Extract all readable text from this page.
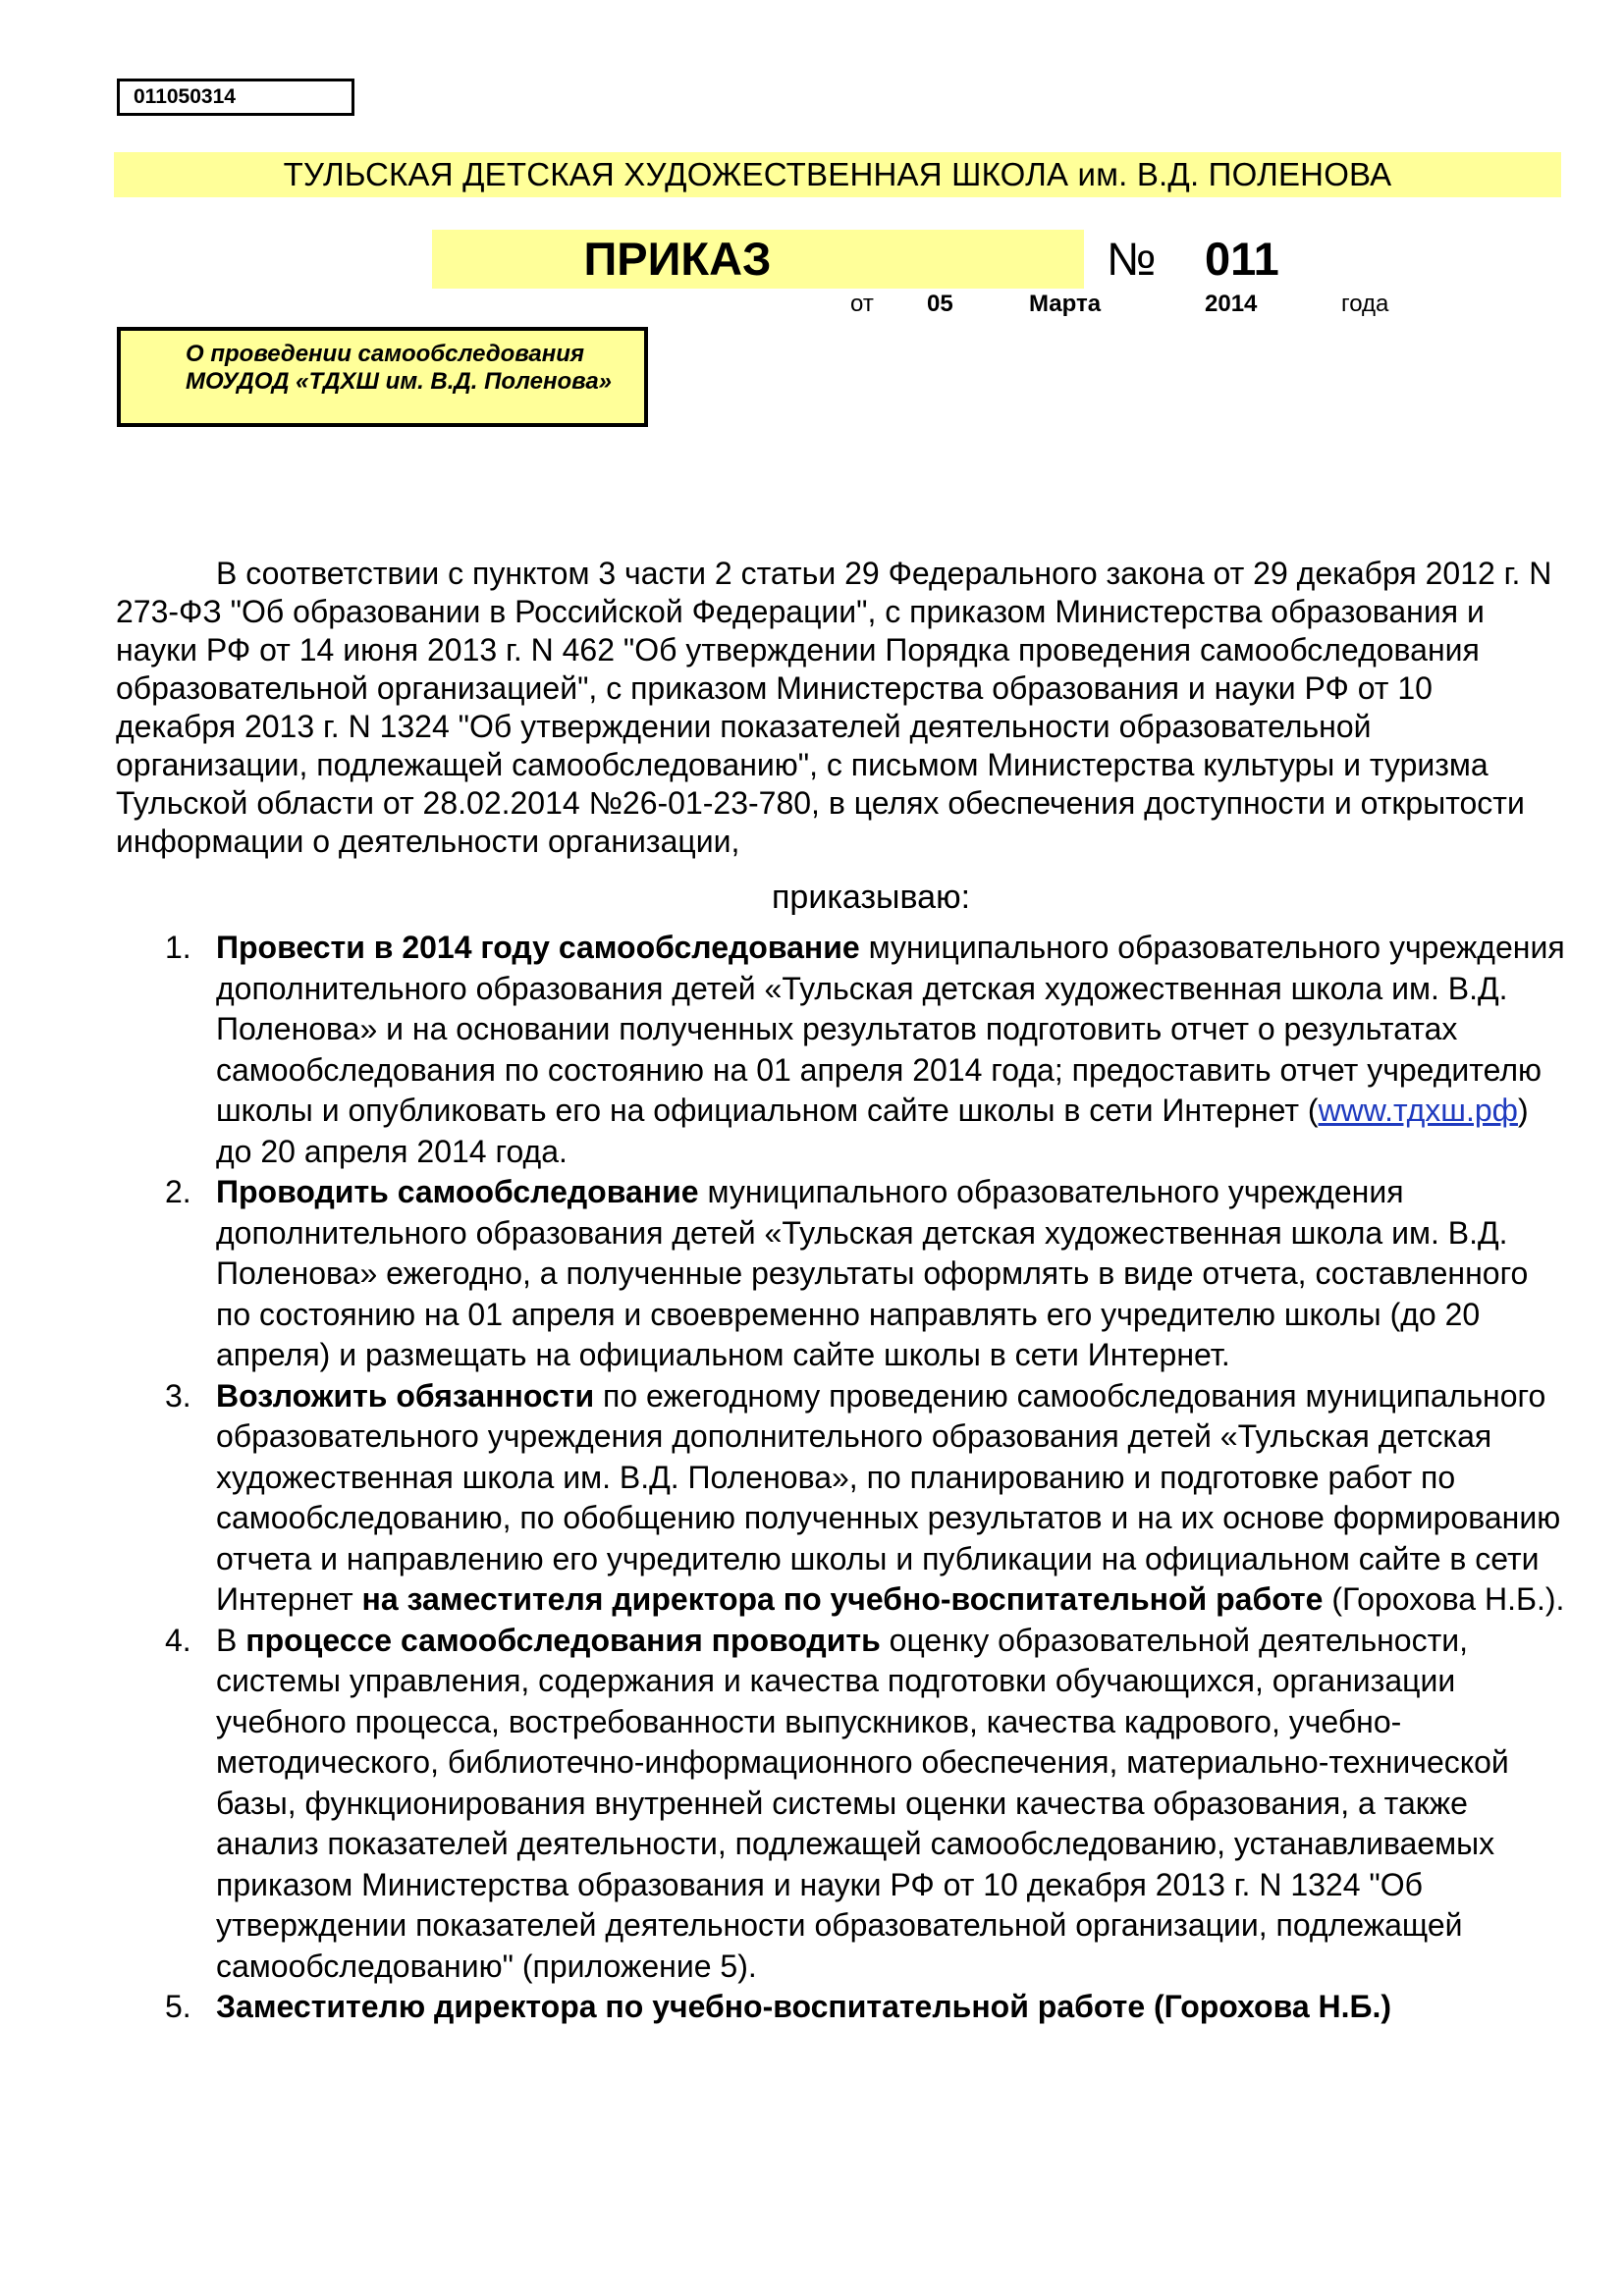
011050314
ТУЛЬСКАЯ ДЕТСКАЯ ХУДОЖЕСТВЕННАЯ ШКОЛА им. В.Д. ПОЛЕНОВА
ПРИКАЗ	№ 011
от 05	Марта	2014	года
О проведении самообследования МОУДОД «ТДХШ им. В.Д. Поленова»

В соответствии с пунктом 3 части 2 статьи 29 Федерального закона от 29 декабря 2012 г. N 273-ФЗ "Об образовании в Российской Федерации", с приказом Министерства образования и науки РФ от 14 июня 2013 г. N 462 "Об утверждении Порядка проведения самообследования образовательной организацией", с приказом Министерства образования и науки РФ от 10 декабря 2013 г. N 1324 "Об утверждении показателей деятельности образовательной организации, подлежащей самообследованию", с письмом Министерства культуры и туризма Тульской области от 28.02.2014 №26-01-23-780, в целях обеспечения доступности и открытости информации о деятельности организации,

приказываю:
1. Провести в 2014 году самообследование муниципального образовательного учреждения дополнительного образования детей «Тульская детская художественная школа им. В.Д. Поленова» и на основании полученных результатов подготовить отчет о результатах самообследования по состоянию на 01 апреля 2014 года; предоставить отчет учредителю школы и опубликовать его на официальном сайте школы в сети Интернет (www.тдхш.рф) до 20 апреля 2014 года.
2. Проводить самообследование муниципального образовательного учреждения дополнительного образования детей «Тульская детская художественная школа им. В.Д. Поленова» ежегодно, а полученные результаты оформлять в виде отчета, составленного по состоянию на 01 апреля и своевременно направлять его учредителю школы (до 20 апреля) и размещать на официальном сайте школы в сети Интернет.
3. Возложить обязанности по ежегодному проведению самообследования муниципального образовательного учреждения дополнительного образования детей «Тульская детская художественная школа им. В.Д. Поленова», по планированию и подготовке работ по самообследованию, по обобщению полученных результатов и на их основе формированию отчета и направлению его учредителю школы и публикации на официальном сайте в сети Интернет на заместителя директора по учебно-воспитательной работе (Горохова Н.Б.).
4. В процессе самообследования проводить оценку образовательной деятельности, системы управления, содержания и качества подготовки обучающихся, организации учебного процесса, востребованности выпускников, качества кадрового, учебно-методического, библиотечно-информационного обеспечения, материально-технической базы, функционирования внутренней системы оценки качества образования, а также анализ показателей деятельности, подлежащей самообследованию, устанавливаемых приказом Министерства образования и науки РФ от 10 декабря 2013 г. N 1324 "Об утверждении показателей деятельности образовательной организации, подлежащей самообследованию" (приложение 5).
5. Заместителю директора по учебно-воспитательной работе (Горохова Н.Б.)
